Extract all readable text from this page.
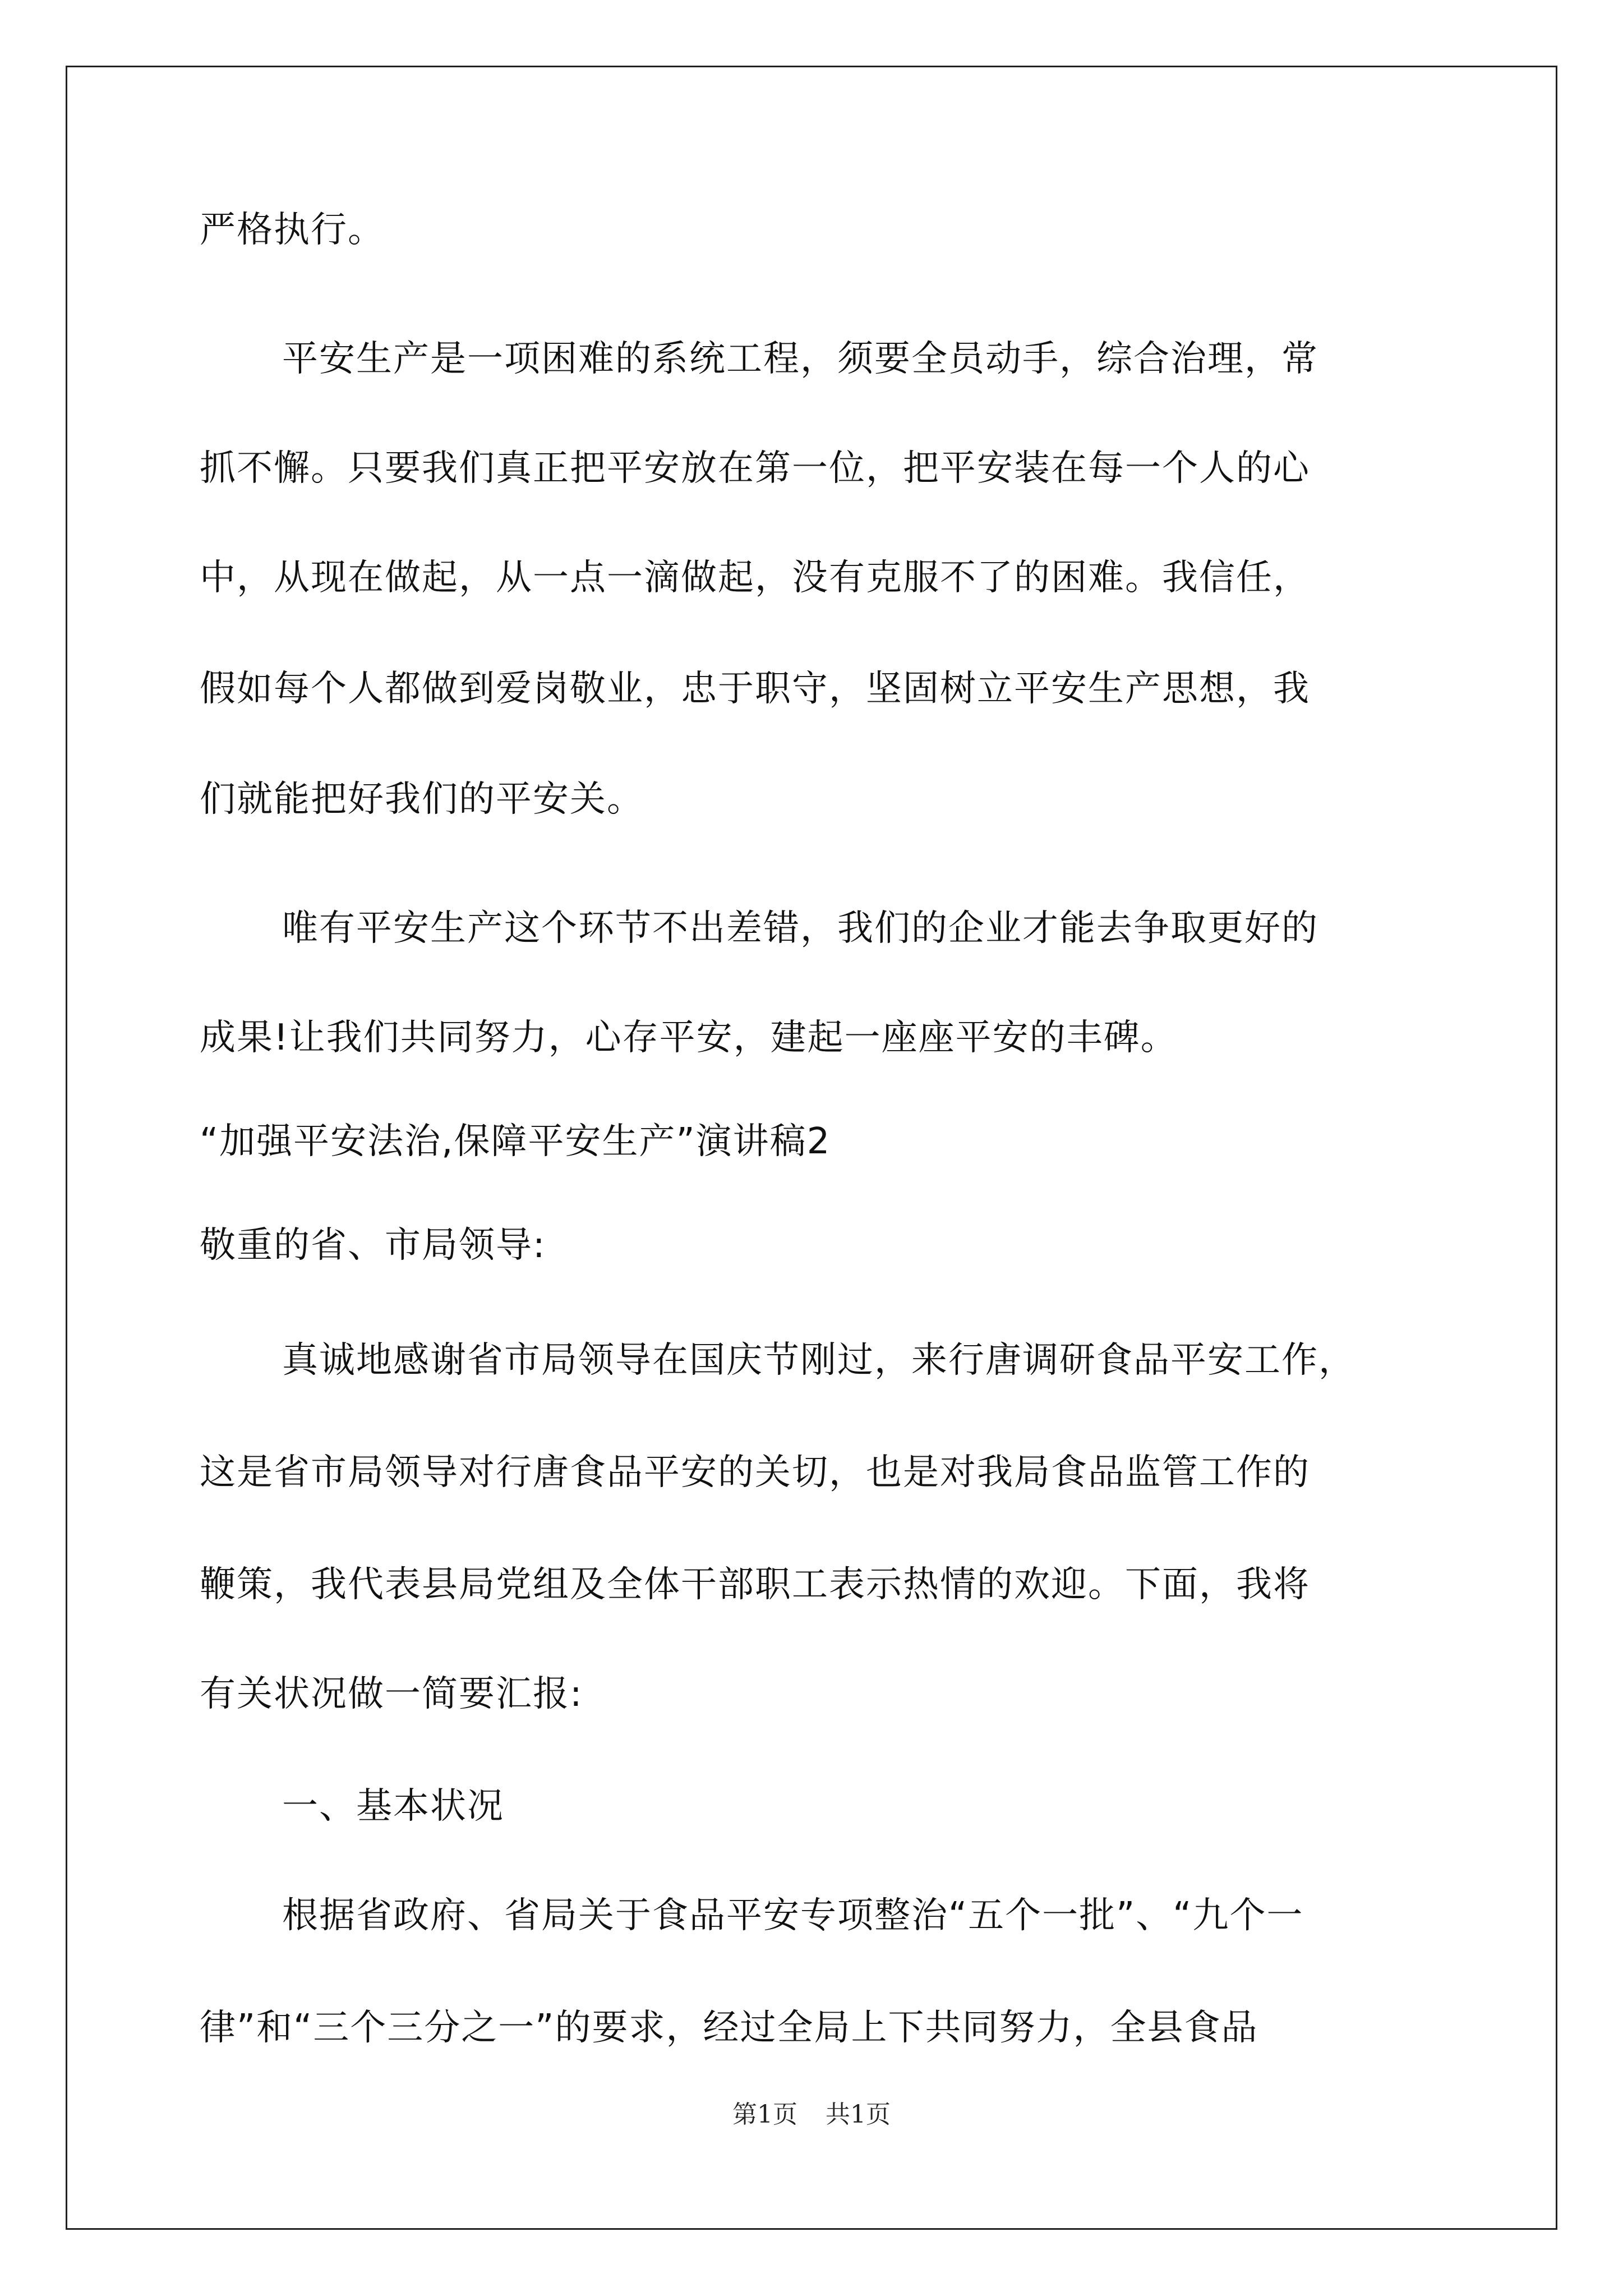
严格执行。
平安生产是一项困难的系统工程，须要全员动手，综合治理，常
抓不懈。只要我们真正把平安放在第一位，把平安装在每一个人的心
中，从现在做起，从一点一滴做起，没有克服不了的困难。我信任，
假如每个人都做到爱岗敬业，忠于职守，坚固树立平安生产思想，我
们就能把好我们的平安关。
唯有平安生产这个环节不出差错，我们的企业才能去争取更好的
成果!让我们共同努力，心存平安，建起一座座平安的丰碑。
“加强平安法治,保障平安生产”演讲稿2
敬重的省、市局领导:
真诚地感谢省市局领导在国庆节刚过，来行唐调研食品平安工作，
这是省市局领导对行唐食品平安的关切，也是对我局食品监管工作的
鞭策，我代表县局党组及全体干部职工表示热情的欢迎。下面，我将
有关状况做一简要汇报:
一、基本状况
根据省政府、省局关于食品平安专项整治“五个一批”、“九个一
律”和“三个三分之一”的要求，经过全局上下共同努力，全县食品
第1页 共1页
